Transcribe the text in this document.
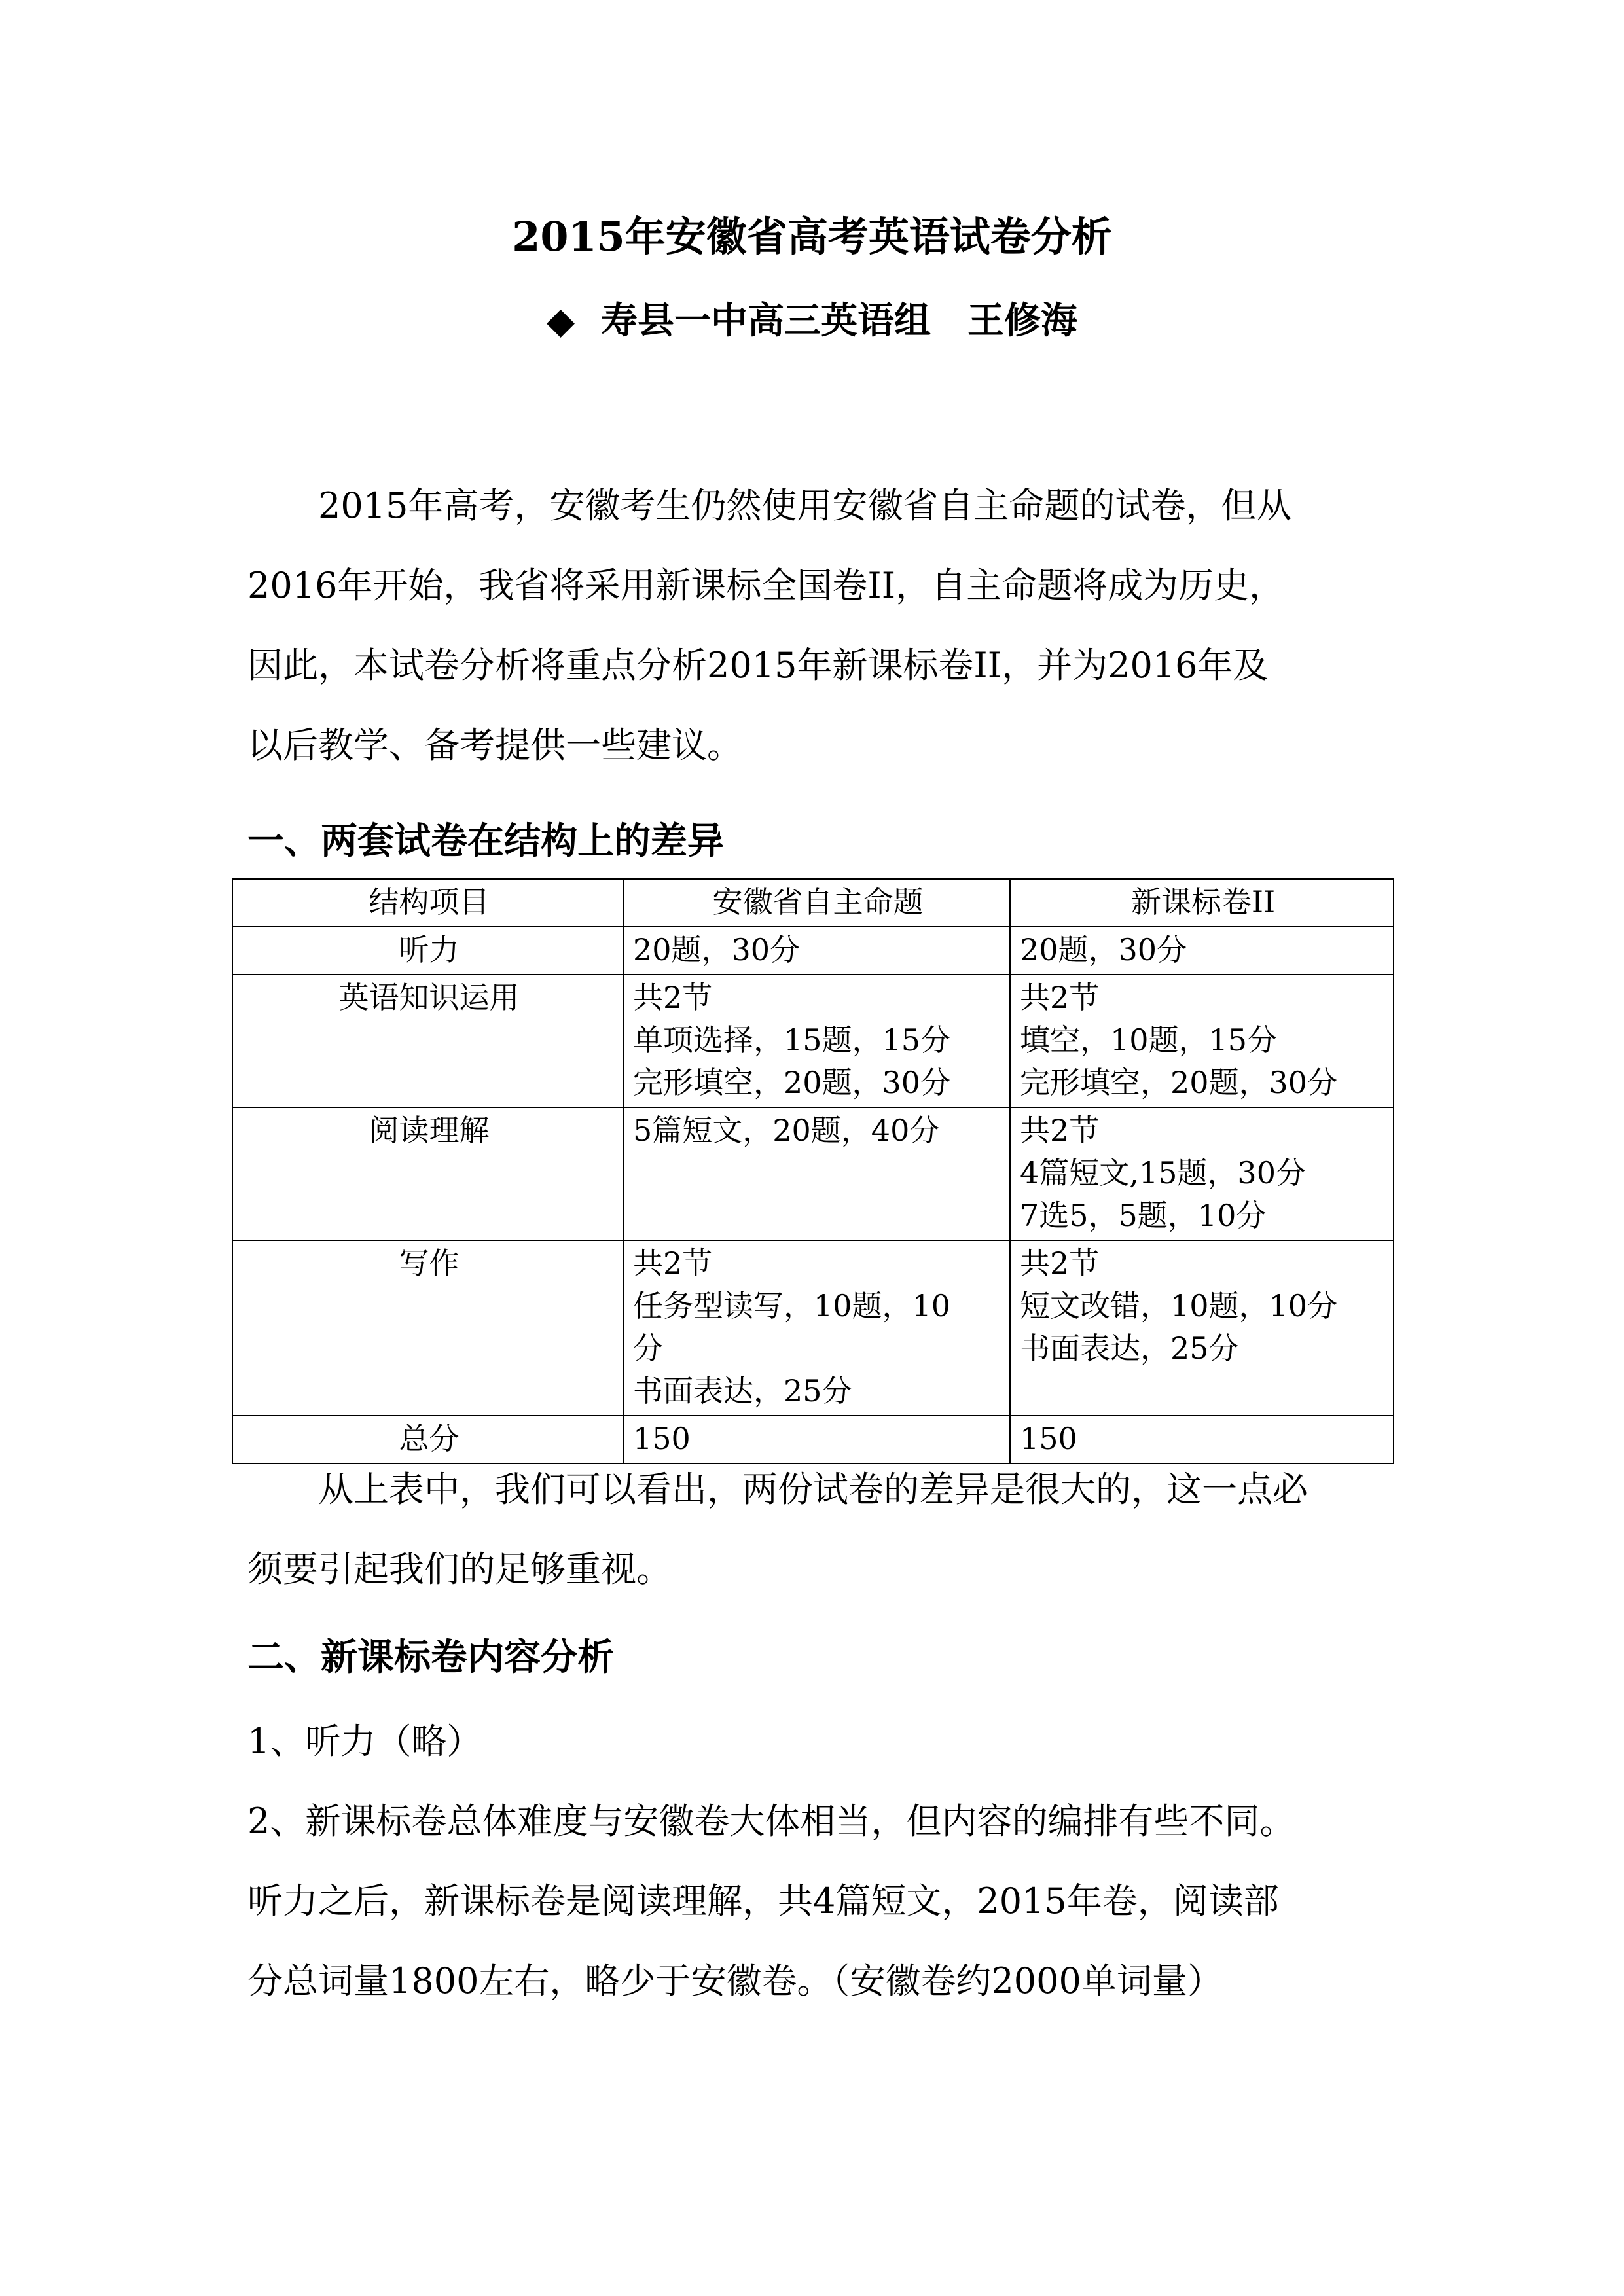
2015年安徽省高考英语试卷分析
◆ 寿县一中高三英语组 王修海
2015年高考，安徽考生仍然使用安徽省自主命题的试卷，但从
2016年开始，我省将采用新课标全国卷II，自主命题将成为历史，
因此，本试卷分析将重点分析2015年新课标卷II，并为2016年及
以后教学、备考提供一些建议。
一、两套试卷在结构上的差异
结构项目	安徽省自主命题	新课标卷II
听力	20题，30分	20题，30分

英语知识运用	共2节
单项选择，15题，15分
完形填空，20题，30分	共2节
填空，10题，15分
完形填空，20题，30分

阅读理解	5篇短文，20题，40分	共2节
4篇短文,15题，30分
7选5，5题，10分

写作	共2节
任务型读写，10题，10
分
书面表达，25分	共2节
短文改错，10题，10分
书面表达，25分

总分	150	150
从上表中，我们可以看出，两份试卷的差异是很大的，这一点必
须要引起我们的足够重视。
二、新课标卷内容分析
1、听力（略）
2、新课标卷总体难度与安徽卷大体相当，但内容的编排有些不同。
听力之后，新课标卷是阅读理解，共4篇短文，2015年卷，阅读部
分总词量1800左右，略少于安徽卷。（安徽卷约2000单词量）
